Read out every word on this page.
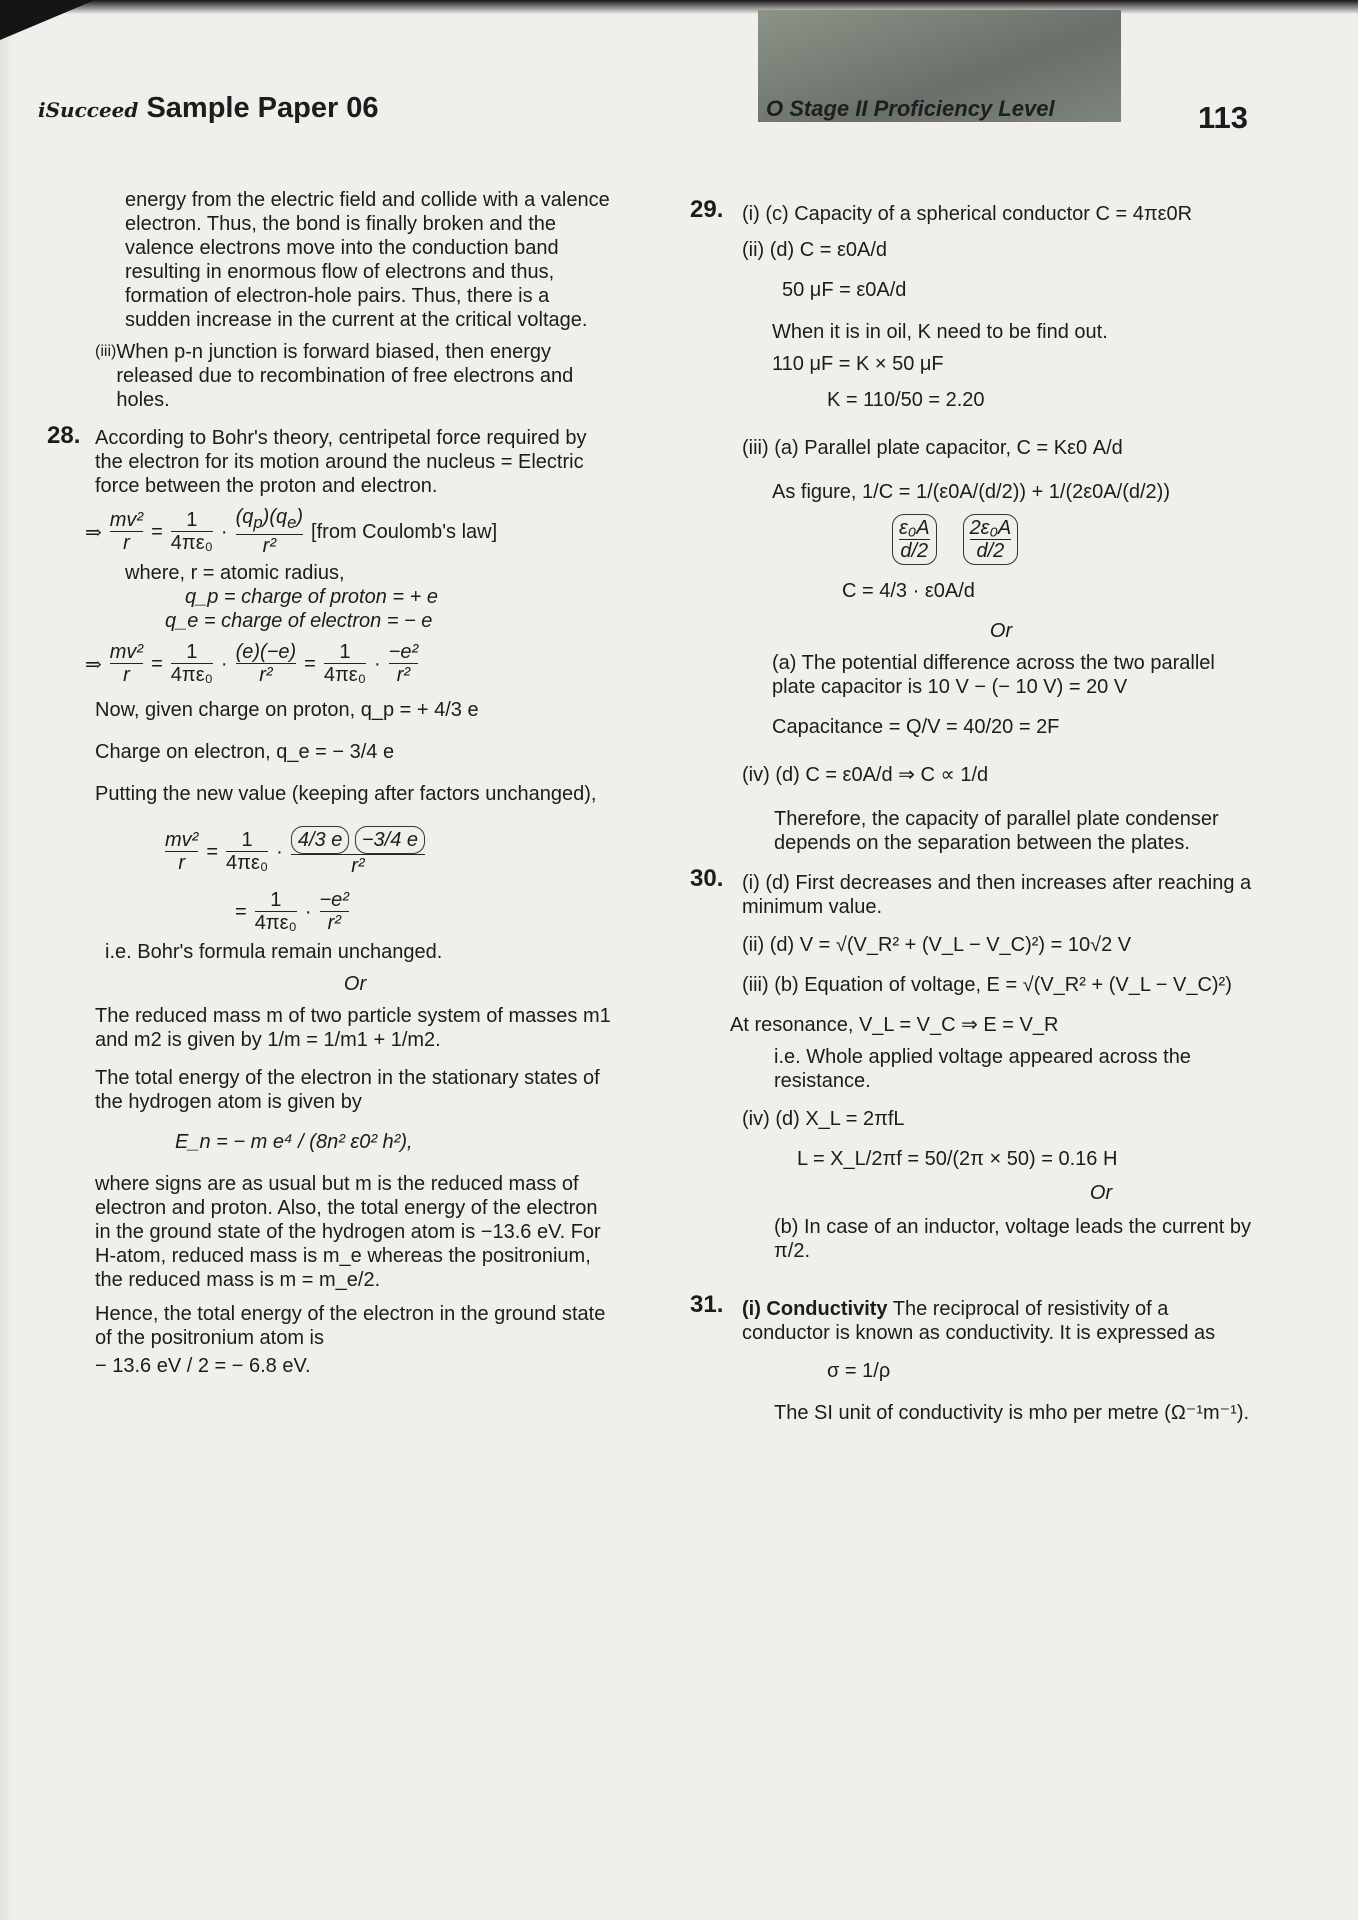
iSucceed Sample Paper 06	O Stage II Proficiency Level	113

energy from the electric field and collide with a valence electron. Thus, the bond is finally broken and the valence electrons move into the conduction band resulting in enormous flow of electrons and thus, formation of electron-hole pairs. Thus, there is a sudden increase in the current at the critical voltage.

(iii) When p-n junction is forward biased, then energy released due to recombination of free electrons and holes.
28. According to Bohr's theory, centripetal force required by the electron for its motion around the nucleus = Electric force between the proton and electron.

⇒ $\frac{\text{mv²}}{r} = \frac{1}{\text{4πε₀}} \cdot \frac{(q_p)(q_e)}{\text{r²}}$ [from Coulomb's law]

where, r = atomic radius,

q_p = charge of proton = + e

q_e = charge of electron = − e

⇒ $\frac{\text{mv²}}{r} = \frac{1}{\text{4πε₀}} \cdot \frac{(e)(-e)}{\text{r²}} = \frac{1}{\text{4πε₀}} \cdot \frac{\text{−e²}}{\text{r²}}$

Now, given charge on proton, q_p = + 4/3 e

Charge on electron, q_e = − 3/4 e

Putting the new value (keeping after factors unchanged),

$\frac{\text{mv²}}{r} = \frac{1}{\text{4πε₀}} \cdot \frac{4/3 e -3/4 e}{\text{r²}}$
= $\frac{1}{\text{4πε₀}} \cdot \frac{\text{−e²}}{\text{r²}}$

i.e. Bohr's formula remain unchanged.

Or

The reduced mass m of two particle system of masses m1 and m2 is given by 1/m = 1/m1 + 1/m2.

The total energy of the electron in the stationary states of the hydrogen atom is given by

E_n = − m e⁴ / (8n² ε0² h²),

where signs are as usual but m is the reduced mass of electron and proton. Also, the total energy of the electron in the ground state of the hydrogen atom is −13.6 eV. For H-atom, reduced mass is m_e whereas the positronium, the reduced mass is m = m_e/2.

Hence, the total energy of the electron in the ground state of the positronium atom is

− 13.6 eV / 2 = − 6.8 eV.

29. (i) (c) Capacity of a spherical conductor C = 4πε0R

(ii) (d) C = ε0A/d

50 μF = ε0A/d

When it is in oil, K need to be find out.

110 μF = K × 50 μF

K = 110/50 = 2.20

(iii) (a) Parallel plate capacitor, C = Kε0 A/d

As figure, 1/C = 1/(ε0A/(d/2)) + 1/(2ε0A/(d/2))

$\frac{\text{ε₀A}}{d/2} \frac{\text{2ε₀A}}{d/2}$

C = 4/3 · ε0A/d

Or

(a) The potential difference across the two parallel plate capacitor is 10 V − (− 10 V) = 20 V

Capacitance = Q/V = 40/20 = 2F

(iv) (d) C = ε0A/d ⇒ C ∝ 1/d

Therefore, the capacity of parallel plate condenser depends on the separation between the plates.

30. (i) (d) First decreases and then increases after reaching a minimum value.

(ii) (d) V = √(V_R² + (V_L − V_C)²) = 10√2 V

(iii) (b) Equation of voltage, E = √(V_R² + (V_L − V_C)²)

At resonance, V_L = V_C ⇒ E = V_R

i.e. Whole applied voltage appeared across the resistance.

(iv) (d) X_L = 2πfL

L = X_L/2πf = 50/(2π × 50) = 0.16 H

Or

(b) In case of an inductor, voltage leads the current by π/2.

31. (i) Conductivity The reciprocal of resistivity of a conductor is known as conductivity. It is expressed as

σ = 1/ρ

The SI unit of conductivity is mho per metre (Ω⁻¹m⁻¹).
